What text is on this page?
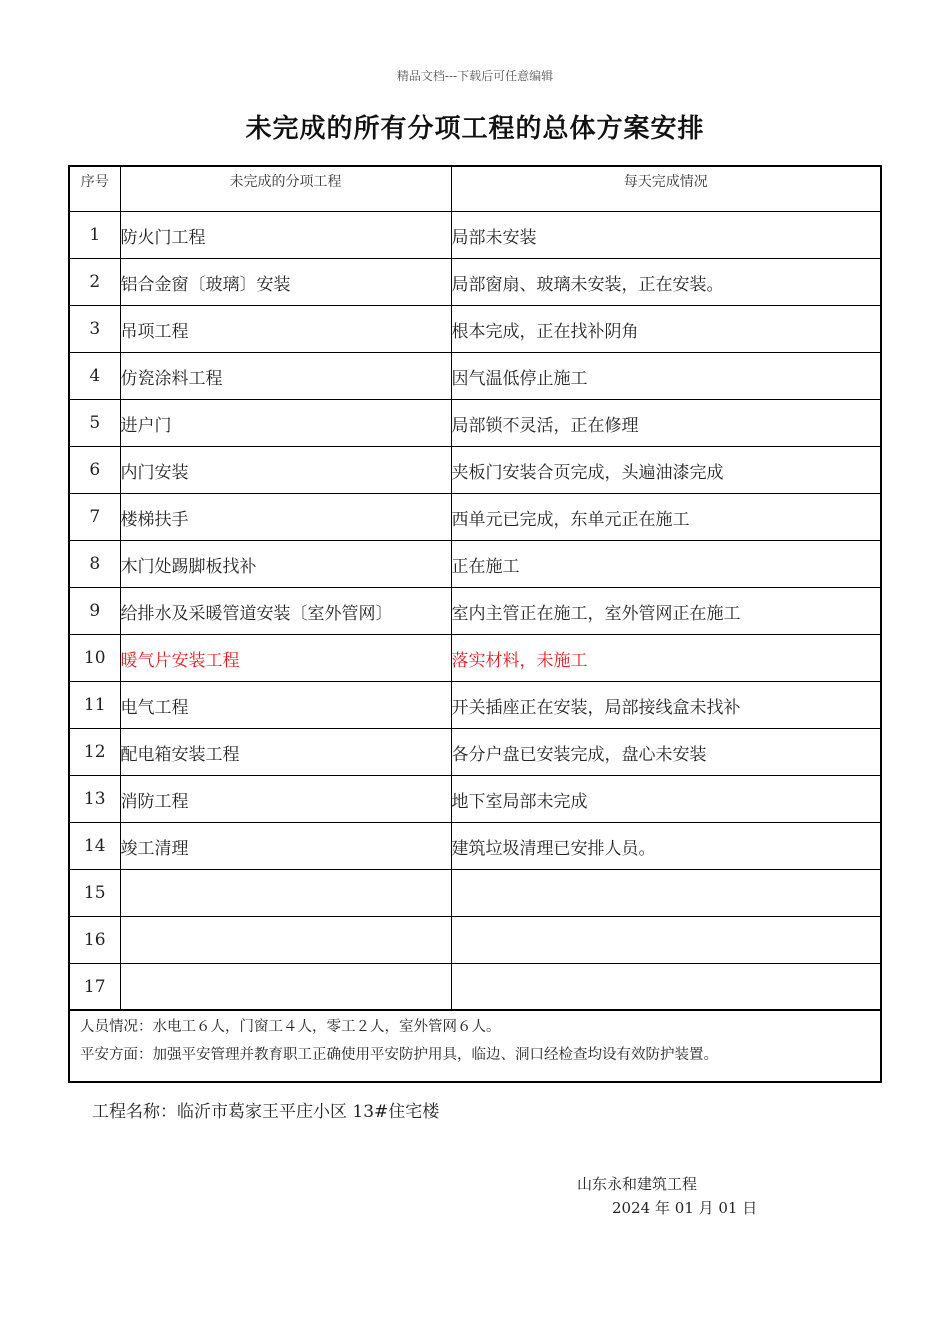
精品文档---下载后可任意编辑
未完成的所有分项工程的总体方案安排
序号	未完成的分项工程	每天完成情况
1	防火门工程	局部未安装
2	铝合金窗〔玻璃〕安装	局部窗扇、玻璃未安装，正在安装。
3	吊项工程	根本完成，正在找补阴角
4	仿瓷涂料工程	因气温低停止施工
5	进户门	局部锁不灵活，正在修理
6	内门安装	夹板门安装合页完成，头遍油漆完成
7	楼梯扶手	西单元已完成，东单元正在施工
8	木门处踢脚板找补	正在施工
9	给排水及采暖管道安装〔室外管网〕	室内主管正在施工，室外管网正在施工
10	暖气片安装工程	落实材料，未施工
11	电气工程	开关插座正在安装，局部接线盒未找补
12	配电箱安装工程	各分户盘已安装完成，盘心未安装
13	消防工程	地下室局部未完成
14	竣工清理	建筑垃圾清理已安排人员。
15		
16		
17		
人员情况：水电工６人，门窗工４人，零工２人，室外管网６人。
平安方面：加强平安管理并教育职工正确使用平安防护用具，临边、洞口经检查均设有效防护装置。
工程名称：临沂市葛家王平庄小区 13#住宅楼
山东永和建筑工程
2024 年 01 月 01 日
